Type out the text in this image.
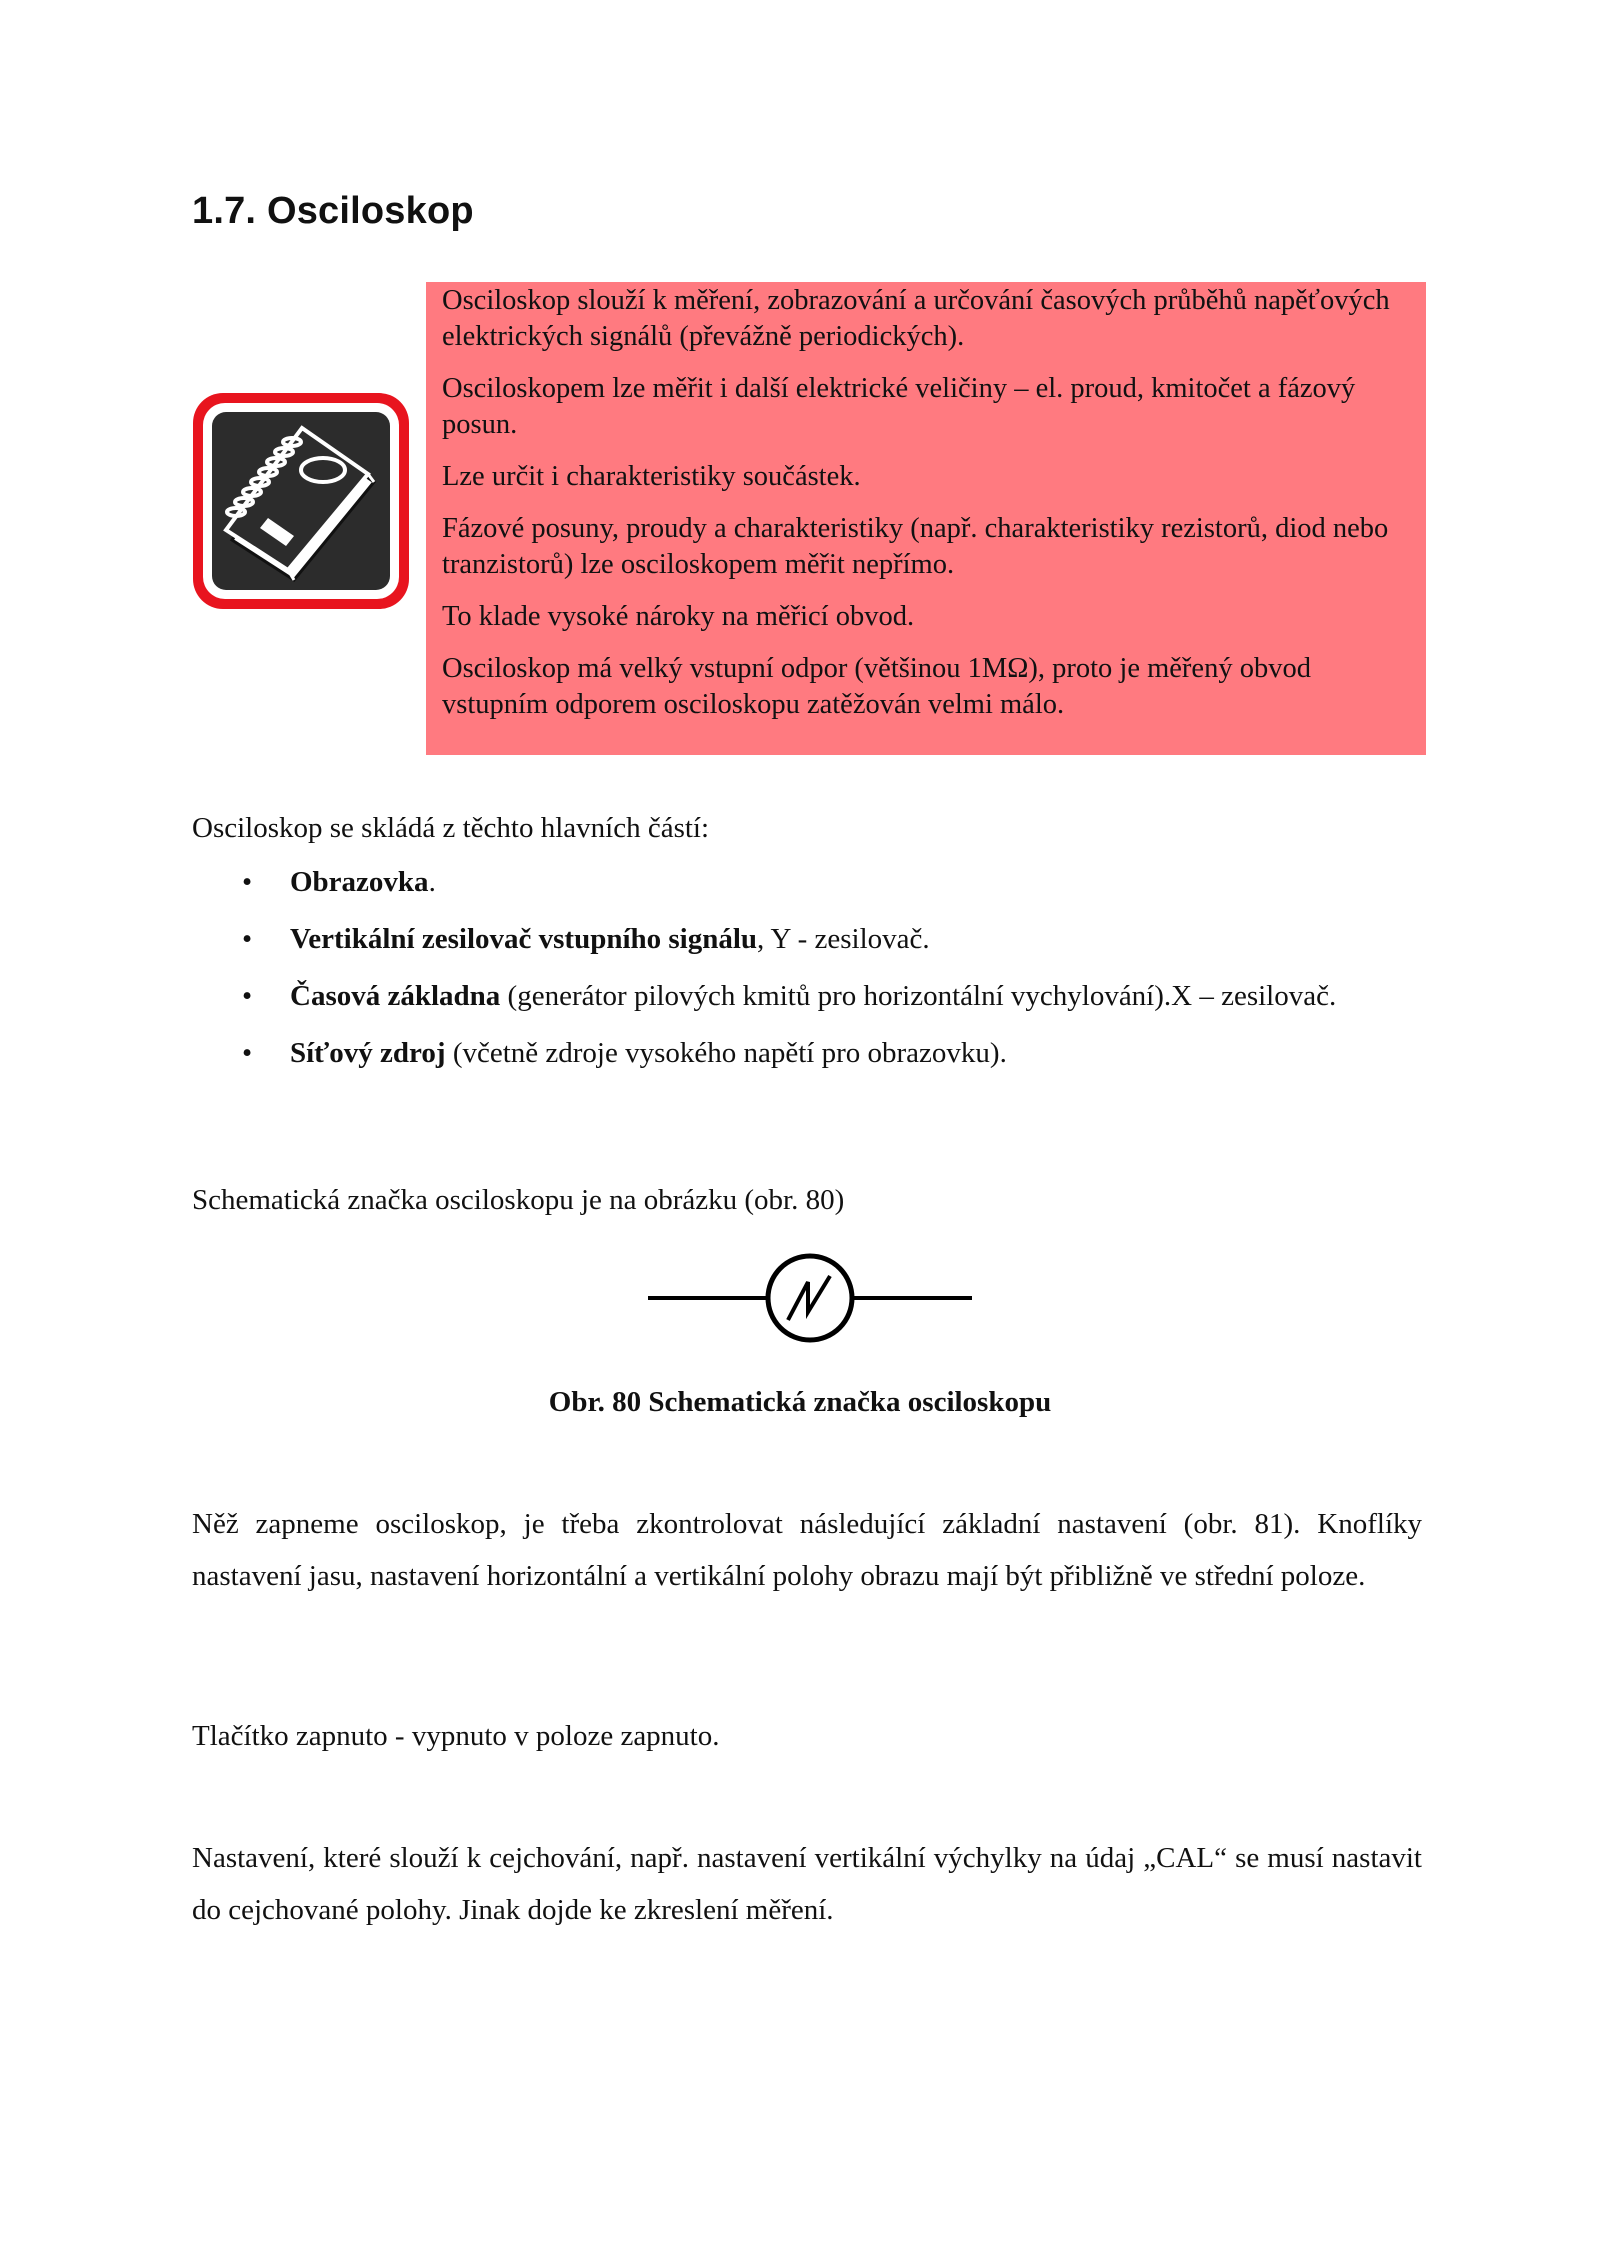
1.7. Osciloskop

Osciloskop slouží k měření, zobrazování a určování časových průběhů napěťových elektrických signálů (převážně periodických).

Osciloskopem lze měřit i další elektrické veličiny – el. proud, kmitočet a fázový posun.

Lze určit i charakteristiky součástek.

Fázové posuny, proudy a charakteristiky (např. charakteristiky rezistorů, diod nebo tranzistorů) lze osciloskopem měřit nepřímo.

To klade vysoké nároky na měřicí obvod.

Osciloskop má velký vstupní odpor (většinou 1MΩ), proto je měřený obvod vstupním odporem osciloskopu zatěžován velmi málo.

Osciloskop se skládá z těchto hlavních částí:

• Obrazovka.
• Vertikální zesilovač vstupního signálu, Y - zesilovač.
• Časová základna (generátor pilových kmitů pro horizontální vychylování).X – zesilovač.
• Síťový zdroj (včetně zdroje vysokého napětí pro obrazovku).

Schematická značka osciloskopu je na obrázku (obr. 80)

Obr. 80 Schematická značka osciloskopu

Něž zapneme osciloskop, je třeba zkontrolovat následující základní nastavení (obr. 81). Knoflíky nastavení jasu, nastavení horizontální a vertikální polohy obrazu mají být přibližně ve střední poloze.

Tlačítko zapnuto - vypnuto v poloze zapnuto.

Nastavení, které slouží k cejchování, např. nastavení vertikální výchylky na údaj „CAL“ se musí nastavit do cejchované polohy. Jinak dojde ke zkreslení měření.
